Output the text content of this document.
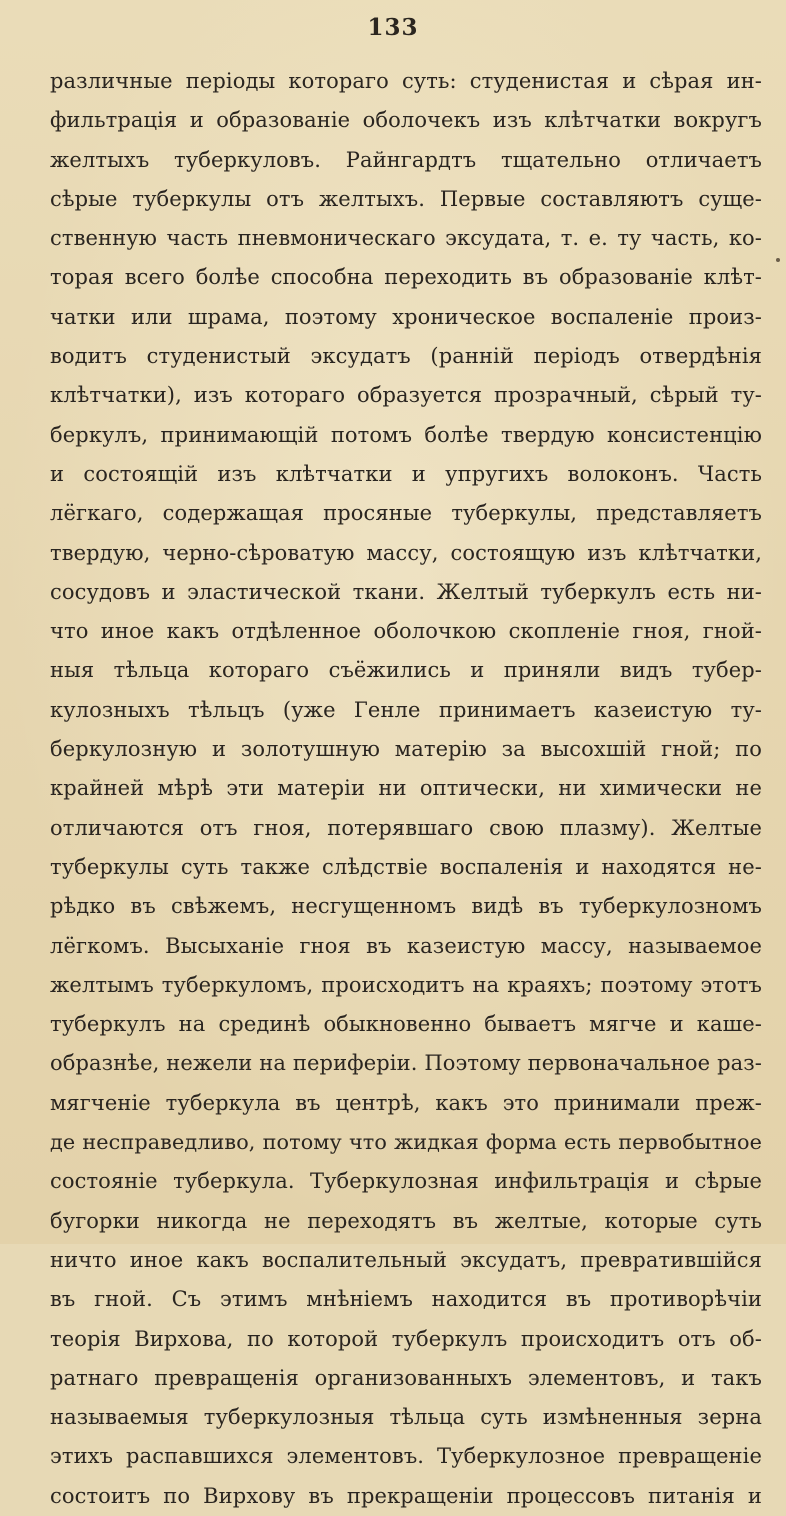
133
различные періоды котораго суть: студенистая и сѣрая ин-
фильтрація и образованіе оболочекъ изъ клѣтчатки вокругъ
желтыхъ туберкуловъ. Райнгардтъ тщательно отличаетъ
сѣрые туберкулы отъ желтыхъ. Первые составляютъ суще-
ственную часть пневмоническаго эксудата, т. е. ту часть, ко-
торая всего болѣе способна переходить въ образованіе клѣт-
чатки или шрама, поэтому хроническое воспаленіе произ-
водитъ студенистый эксудатъ (ранній періодъ отвердѣнія
клѣтчатки), изъ котораго образуется прозрачный, сѣрый ту-
беркулъ, принимающій потомъ болѣе твердую консистенцію
и состоящій изъ клѣтчатки и упругихъ волоконъ. Часть
лёгкаго, содержащая просяные туберкулы, представляетъ
твердую, черно-сѣроватую массу, состоящую изъ клѣтчатки,
сосудовъ и эластической ткани. Желтый туберкулъ есть ни-
что иное какъ отдѣленное оболочкою скопленіе гноя, гной-
ныя тѣльца котораго съёжились и приняли видъ тубер-
кулозныхъ тѣльцъ (уже Генле принимаетъ казеистую ту-
беркулозную и золотушную матерію за высохшій гной; по
крайней мѣрѣ эти матеріи ни оптически, ни химически не
отличаются отъ гноя, потерявшаго свою плазму). Желтые
туберкулы суть также слѣдствіе воспаленія и находятся не-
рѣдко въ свѣжемъ, несгущенномъ видѣ въ туберкулозномъ
лёгкомъ. Высыханіе гноя въ казеистую массу, называемое
желтымъ туберкуломъ, происходитъ на краяхъ; поэтому этотъ
туберкулъ на срединѣ обыкновенно бываетъ мягче и каше-
образнѣе, нежели на периферіи. Поэтому первоначальное раз-
мягченіе туберкула въ центрѣ, какъ это принимали преж-
де несправедливо, потому что жидкая форма есть первобытное
состояніе туберкула. Туберкулозная инфильтрація и сѣрые
бугорки никогда не переходятъ въ желтые, которые суть
ничто иное какъ воспалительный эксудатъ, превратившійся
въ гной. Съ этимъ мнѣніемъ находится въ противорѣчіи
теорія Вирхова, по которой туберкулъ происходитъ отъ об-
ратнаго превращенія организованныхъ элементовъ, и такъ
называемыя туберкулозныя тѣльца суть измѣненныя зерна
этихъ распавшихся элементовъ. Туберкулозное превращеніе
состоитъ по Вирхову въ прекращеніи процессовъ питанія и
